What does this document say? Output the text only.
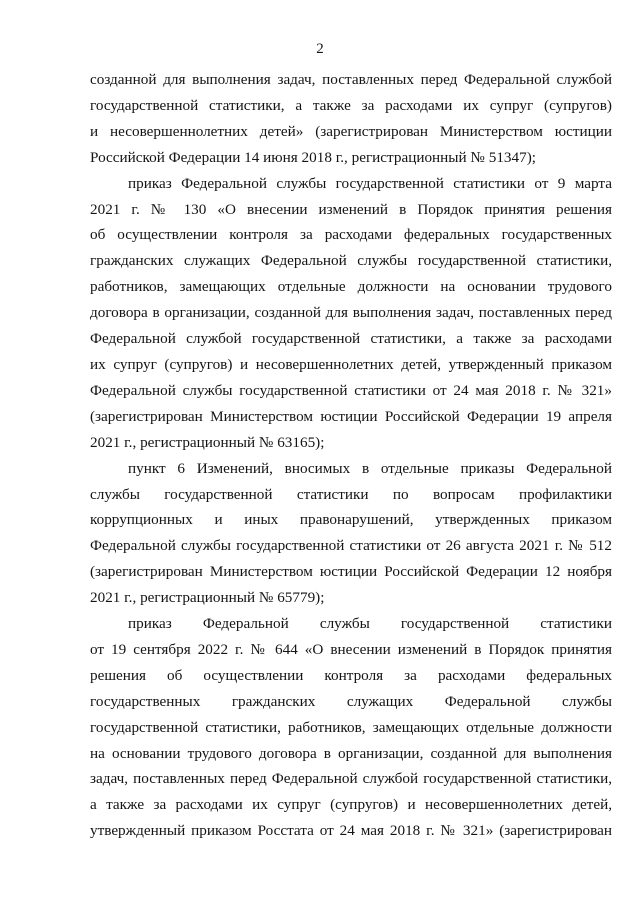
2

созданной для выполнения задач, поставленных перед Федеральной службой
государственной статистики, а также за расходами их супруг (супругов)
и несовершеннолетних детей» (зарегистрирован Министерством юстиции
Российской Федерации 14 июня 2018 г., регистрационный № 51347);

приказ Федеральной службы государственной статистики от 9 марта
2021 г. № 130 «О внесении изменений в Порядок принятия решения
об осуществлении контроля за расходами федеральных государственных
гражданских служащих Федеральной службы государственной статистики,
работников, замещающих отдельные должности на основании трудового
договора в организации, созданной для выполнения задач, поставленных перед
Федеральной службой государственной статистики, а также за расходами
их супруг (супругов) и несовершеннолетних детей, утвержденный приказом
Федеральной службы государственной статистики от 24 мая 2018 г. № 321»
(зарегистрирован Министерством юстиции Российской Федерации 19 апреля
2021 г., регистрационный № 63165);

пункт 6 Изменений, вносимых в отдельные приказы Федеральной
службы государственной статистики по вопросам профилактики
коррупционных и иных правонарушений, утвержденных приказом
Федеральной службы государственной статистики от 26 августа 2021 г. № 512
(зарегистрирован Министерством юстиции Российской Федерации 12 ноября
2021 г., регистрационный № 65779);

приказ Федеральной службы государственной статистики
от 19 сентября 2022 г. № 644 «О внесении изменений в Порядок принятия
решения об осуществлении контроля за расходами федеральных
государственных гражданских служащих Федеральной службы
государственной статистики, работников, замещающих отдельные должности
на основании трудового договора в организации, созданной для выполнения
задач, поставленных перед Федеральной службой государственной статистики,
а также за расходами их супруг (супругов) и несовершеннолетних детей,
утвержденный приказом Росстата от 24 мая 2018 г. № 321» (зарегистрирован
